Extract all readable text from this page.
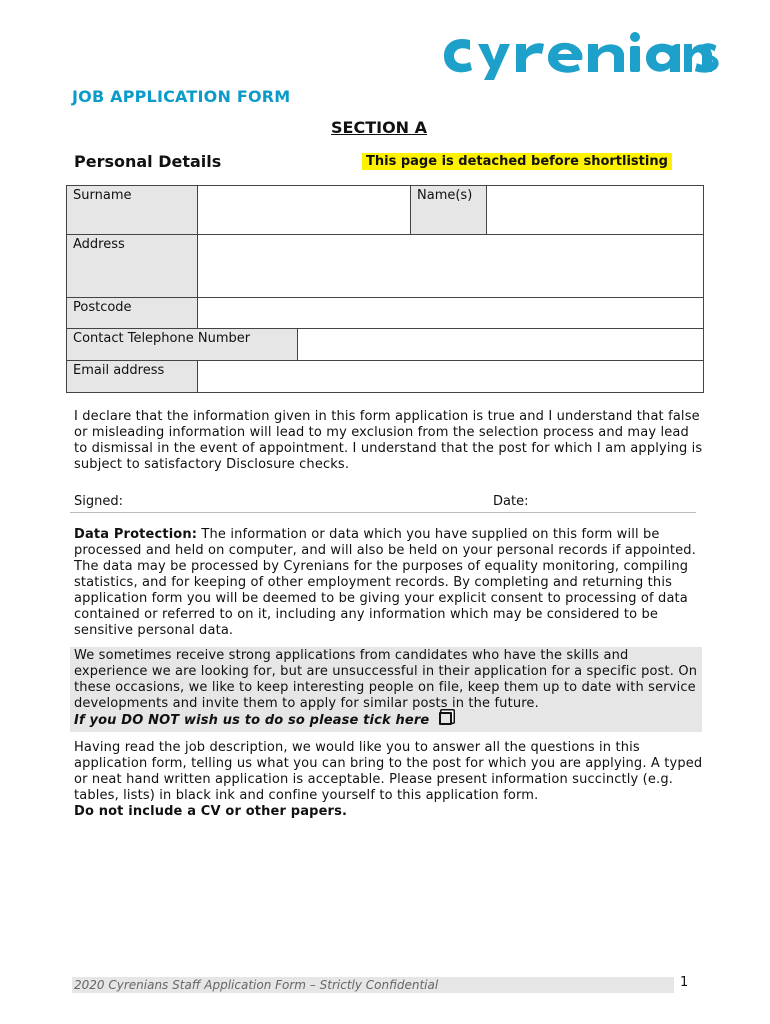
JOB APPLICATION FORM
SECTION A
Personal Details	This page is detached before shortlisting
Surname	Name(s)
Address
Postcode
Contact Telephone Number
Email address
I declare that the information given in this form application is true and I understand that false or misleading information will lead to my exclusion from the selection process and may lead to dismissal in the event of appointment. I understand that the post for which I am applying is subject to satisfactory Disclosure checks.
Signed:	Date:
Data Protection: The information or data which you have supplied on this form will be processed and held on computer, and will also be held on your personal records if appointed. The data may be processed by Cyrenians for the purposes of equality monitoring, compiling statistics, and for keeping of other employment records. By completing and returning this application form you will be deemed to be giving your explicit consent to processing of data contained or referred to on it, including any information which may be considered to be sensitive personal data.
We sometimes receive strong applications from candidates who have the skills and experience we are looking for, but are unsuccessful in their application for a specific post. On these occasions, we like to keep interesting people on file, keep them up to date with service developments and invite them to apply for similar posts in the future.
If you DO NOT wish us to do so please tick here
Having read the job description, we would like you to answer all the questions in this application form, telling us what you can bring to the post for which you are applying. A typed or neat hand written application is acceptable. Please present information succinctly (e.g. tables, lists) in black ink and confine yourself to this application form.
Do not include a CV or other papers.
2020 Cyrenians Staff Application Form – Strictly Confidential	1
